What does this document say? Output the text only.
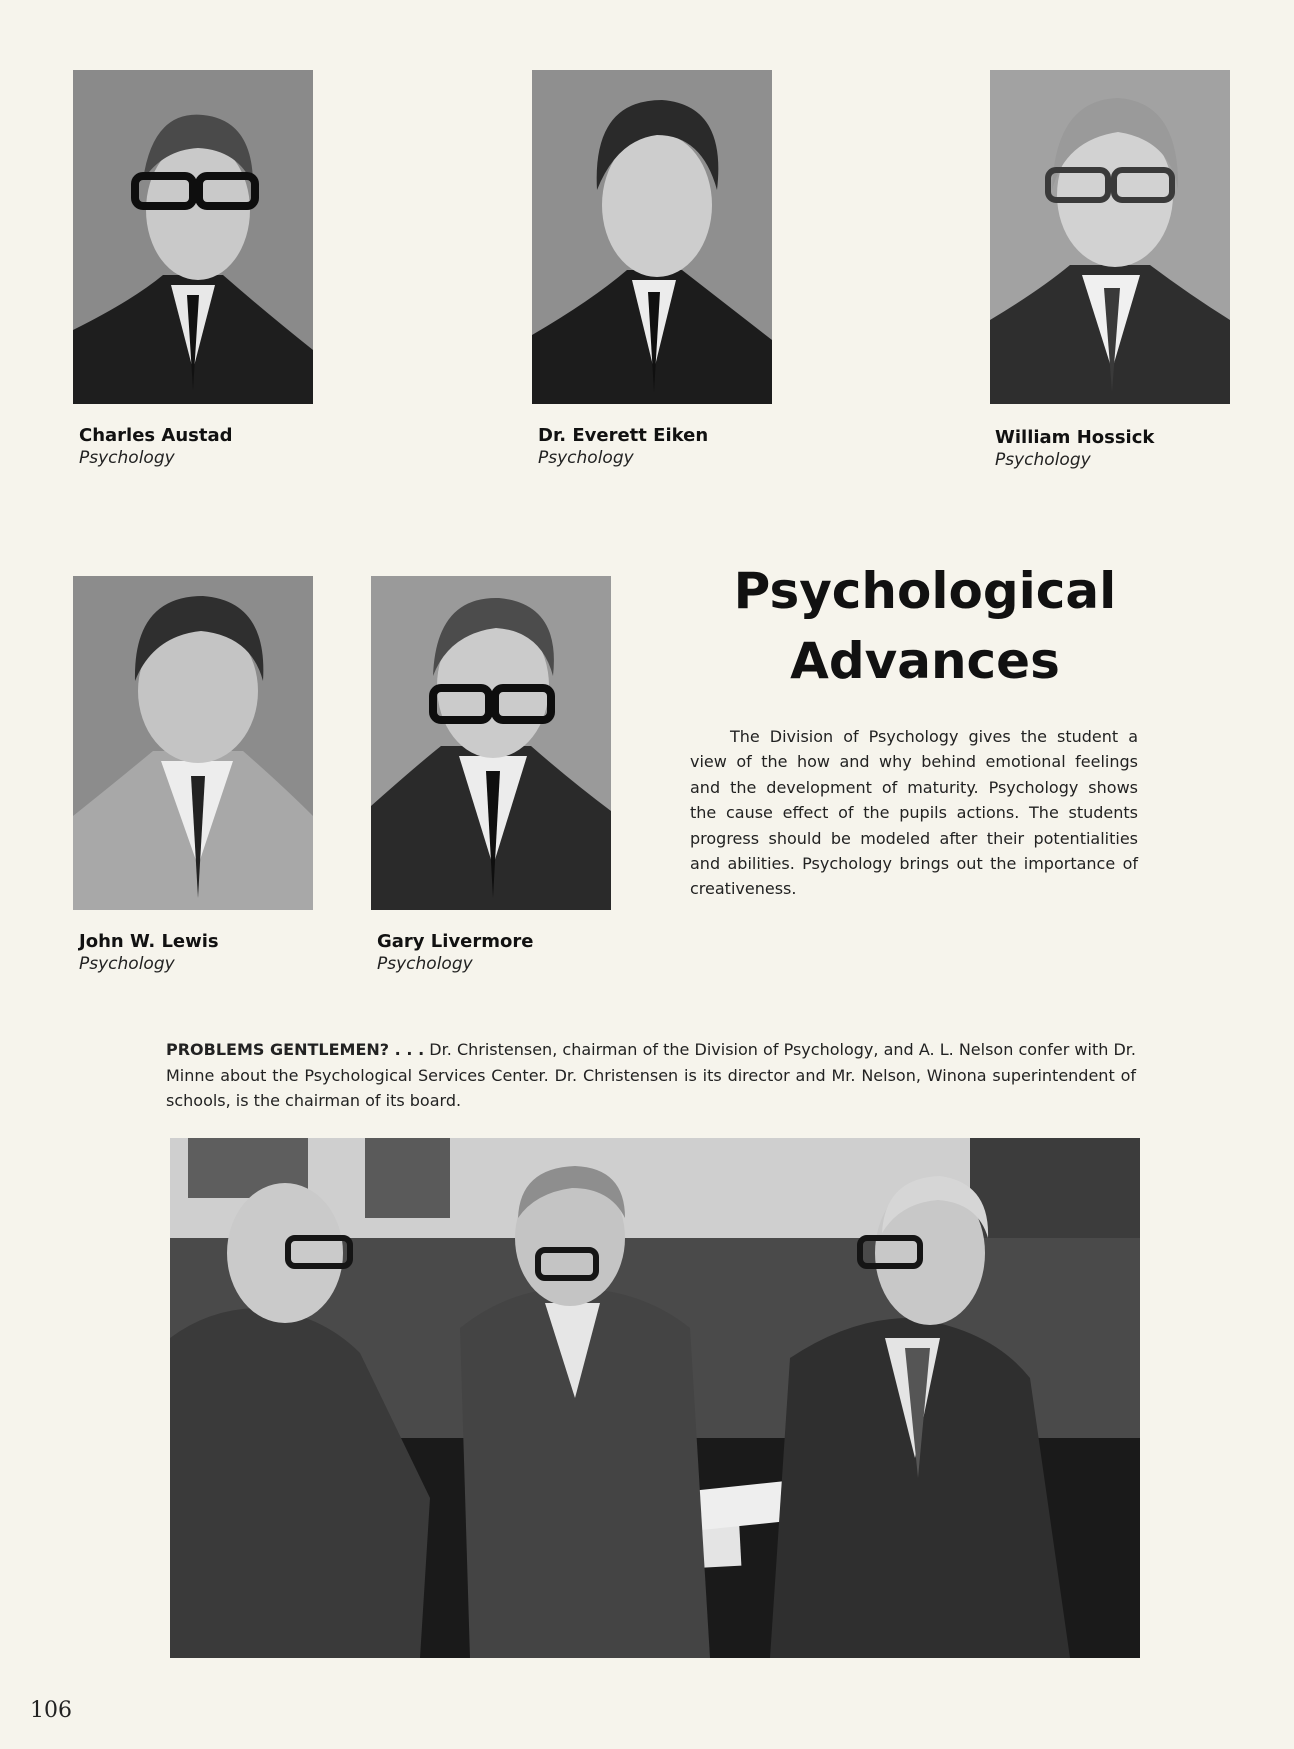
Charles Austad
Psychology
Dr. Everett Eiken
Psychology
William Hossick
Psychology
John W. Lewis
Psychology
Gary Livermore
Psychology
Psychological
Advances

The Division of Psychology gives the student a view of the how and why behind emotional feelings and the development of maturity. Psychology shows the cause effect of the pupils actions. The students progress should be modeled after their potentialities and abilities. Psychology brings out the importance of creativeness.

PROBLEMS GENTLEMEN? . . . Dr. Christensen, chairman of the Division of Psychology, and A. L. Nelson confer with Dr. Minne about the Psychological Services Center. Dr. Christensen is its director and Mr. Nelson, Winona superintendent of schools, is the chairman of its board.

106
